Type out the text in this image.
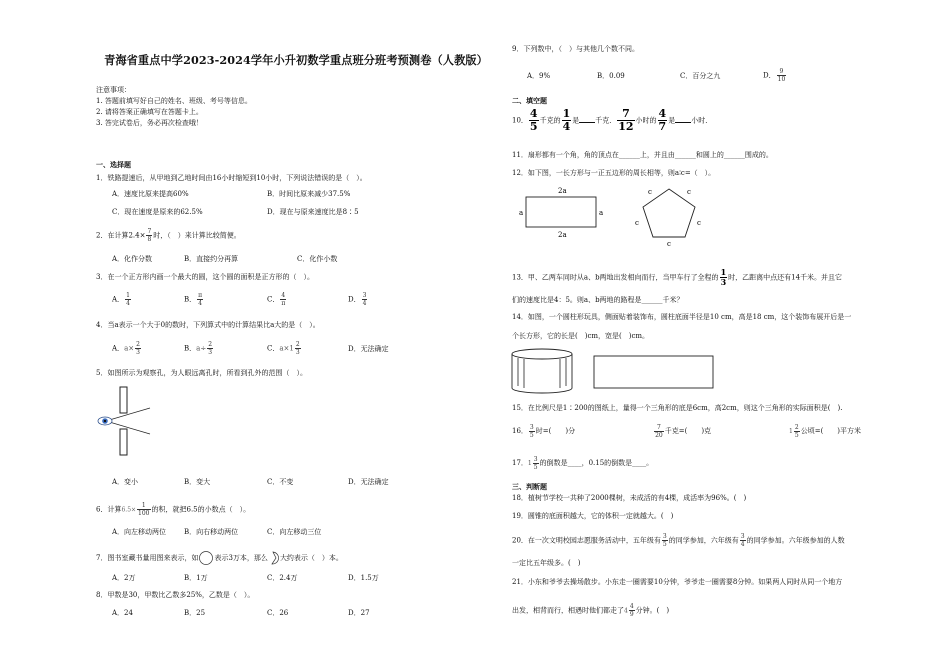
青海省重点中学2023-2024学年小升初数学重点班分班考预测卷（人教版）
注意事项：
1. 答题前填写好自己的姓名、班级、考号等信息。
2. 请将答案正确填写在答题卡上。
3. 答完试卷后，务必再次检查哦！
一、选择题
1．铁路提速后，从甲地到乙地时间由16小时缩短到10小时，下列说法错误的是（　）。
A．速度比原来提高60%	B．时间比原来减少37.5%
C．现在速度是原来的62.5%	D．现在与原来速度比是8∶5
2．在计算$2.4\times \frac{7}{8}$ 时，（　）来计算比较简便。
A．化作分数	B．直接约分再算	C．化作小数
3．在一个正方形内画一个最大的圆，这个圆的面积是正方形的（　）。
A． $\frac{1}{4}$	B． $\frac{\pi}{4}$	C． $\frac{4}{\pi}$	D． $\frac{3}{4}$
4．当a表示一个大于0的数时，下列算式中的计算结果比a大的是（　）。
A．$a\times \frac{2}{3}$	B．$a\div \frac{2}{3}$	C．$a\times 1 \frac{2}{3}$	D．无法确定
5．如图所示为观察孔，为人眼远离孔时，所看到孔外的范围（　）。
A．变小	B．变大	C．不变	D．无法确定
6．计算$6.5\times \frac{1}{100}$ 的积，就把6.5的小数点（　）。
A．向左移动两位	B．向右移动两位	C．向左移动三位
7．图书室藏书量用图来表示，如 表示3万本，那么 大约表示（　）本。
A．2万	B．1万	C．2.4万	D．1.5万
8．甲数是30，甲数比乙数多25%，乙数是（　）。
A．24	B．25	C．26	D．27
9．下列数中，（　）与其他几个数不同。
A．9%	B．0.09	C．百分之九	D． $\frac{9}{10}$
二、填空题
10． $\frac{4}{5}$ 千克的 $\frac{1}{4}$ 是 千克． $\frac{7}{12}$ 小时的 $\frac{4}{7}$ 是 小时．
11．扇形都有一个角，角的顶点在______上，并且由______和圆上的______围成的。
12．如下图，一长方形与一正五边形的周长相等，则a∶c=（　）。
2a
2a
a	a
c	c
c	c
c
13．甲、乙两车同时从a、b两地出发相向而行，当甲车行了全程的 $\frac{1}{3}$ 时，乙距离中点还有14千米。并且它
们的速度比是4：5。则a、b两地的路程是______千米？
14．如图，一个圆柱形玩具，侧面贴着装饰布，圆柱底面半径是10 cm，高是18 cm，这个装饰布展开后是一
个长方形，它的长是(　)cm，宽是(　)cm。
15．在比例尺是1∶200的图纸上，量得一个三角形的底是6cm，高2cm，则这个三角形的实际面积是(　).
16． $\frac{3}{5}$ 时=(　　)分	$\frac{7}{20}$ 千克=(　　)克	$1 \frac{2}{5}$ 公顷=(　　)平方米
17．$1 \frac{3}{5}$ 的倒数是____，0.15的倒数是____。
三、判断题
18．植树节学校一共种了2000棵树，未成活的有4棵，成活率为96%。(　)
19．圆锥的底面积越大，它的体积一定就越大。(　)
20．在一次文明校园志愿服务活动中，五年级有 $\frac{3}{5}$ 的同学参加，六年级有 $\frac{3}{4}$ 的同学参加。六年级参加的人数
一定比五年级多。(　)
21．小东和爷爷去操场散步。小东走一圈需要10分钟，爷爷走一圈需要8分钟。如果两人同时从同一个地方
出发，相背而行，相遇时他们都走了$4 \frac{4}{9}$ 分钟。(　)
